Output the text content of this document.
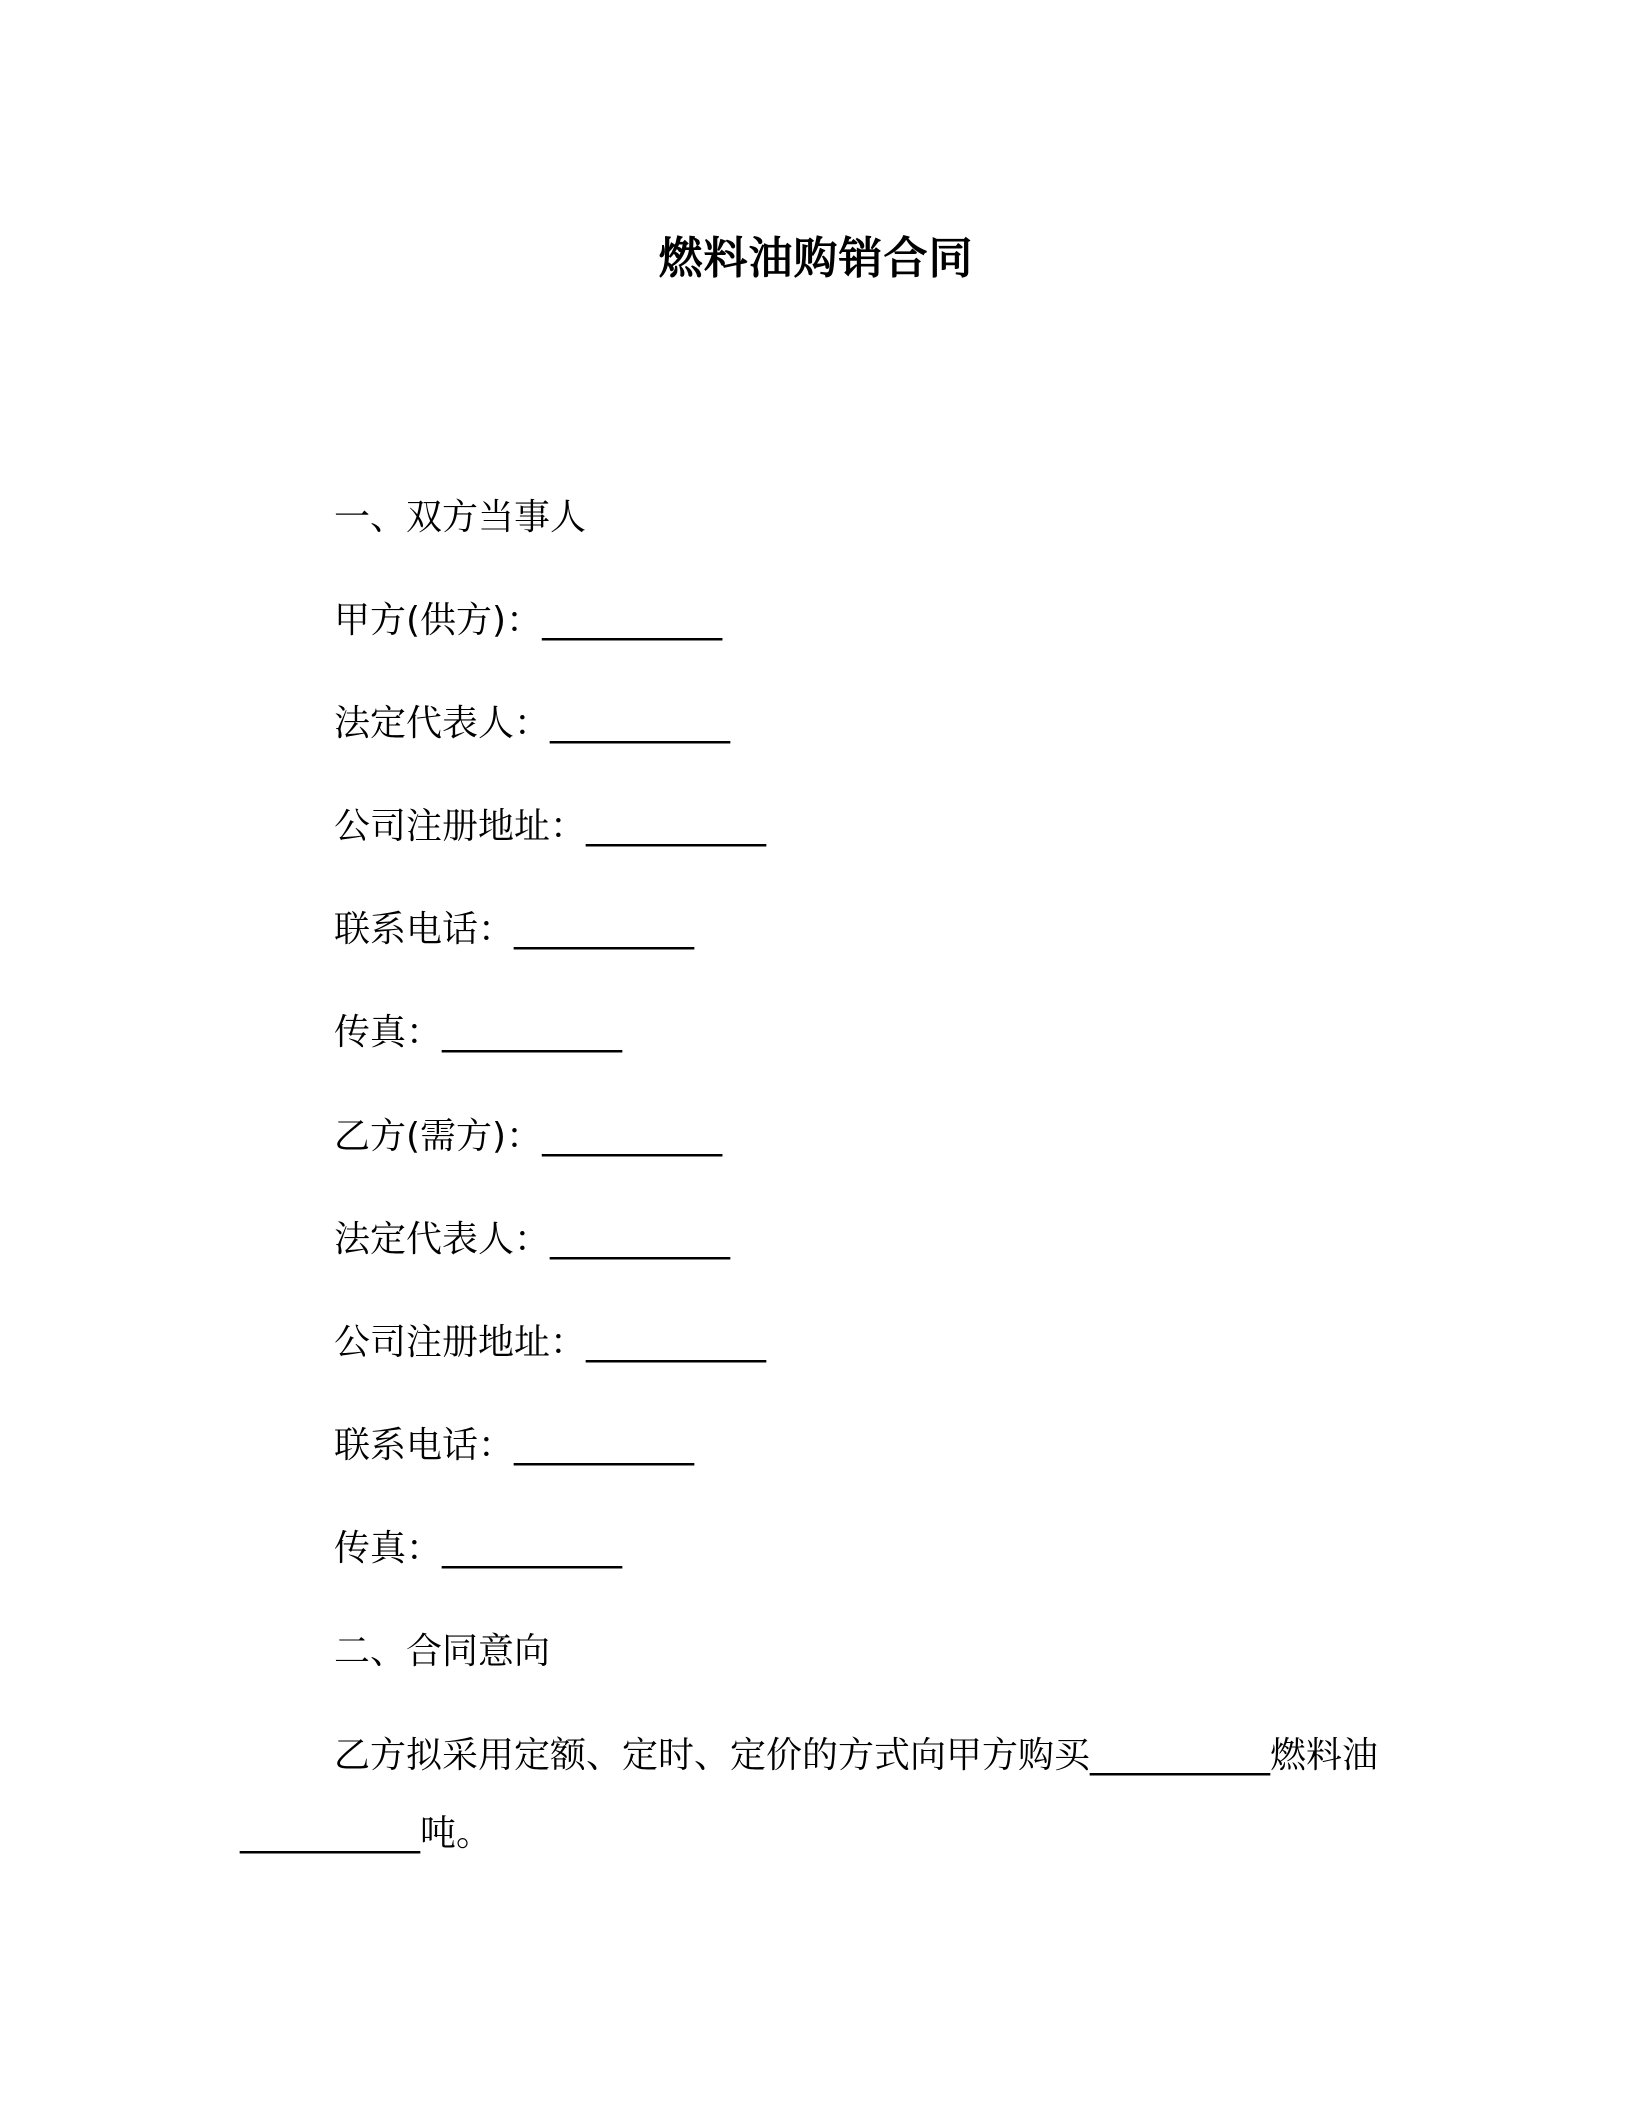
燃料油购销合同
一、双方当事人
甲方(供方)：__________
法定代表人：__________
公司注册地址：__________
联系电话：__________
传真：__________
乙方(需方)：__________
法定代表人：__________
公司注册地址：__________
联系电话：__________
传真：__________
二、合同意向
乙方拟采用定额、定时、定价的方式向甲方购买__________燃料油__________吨。
